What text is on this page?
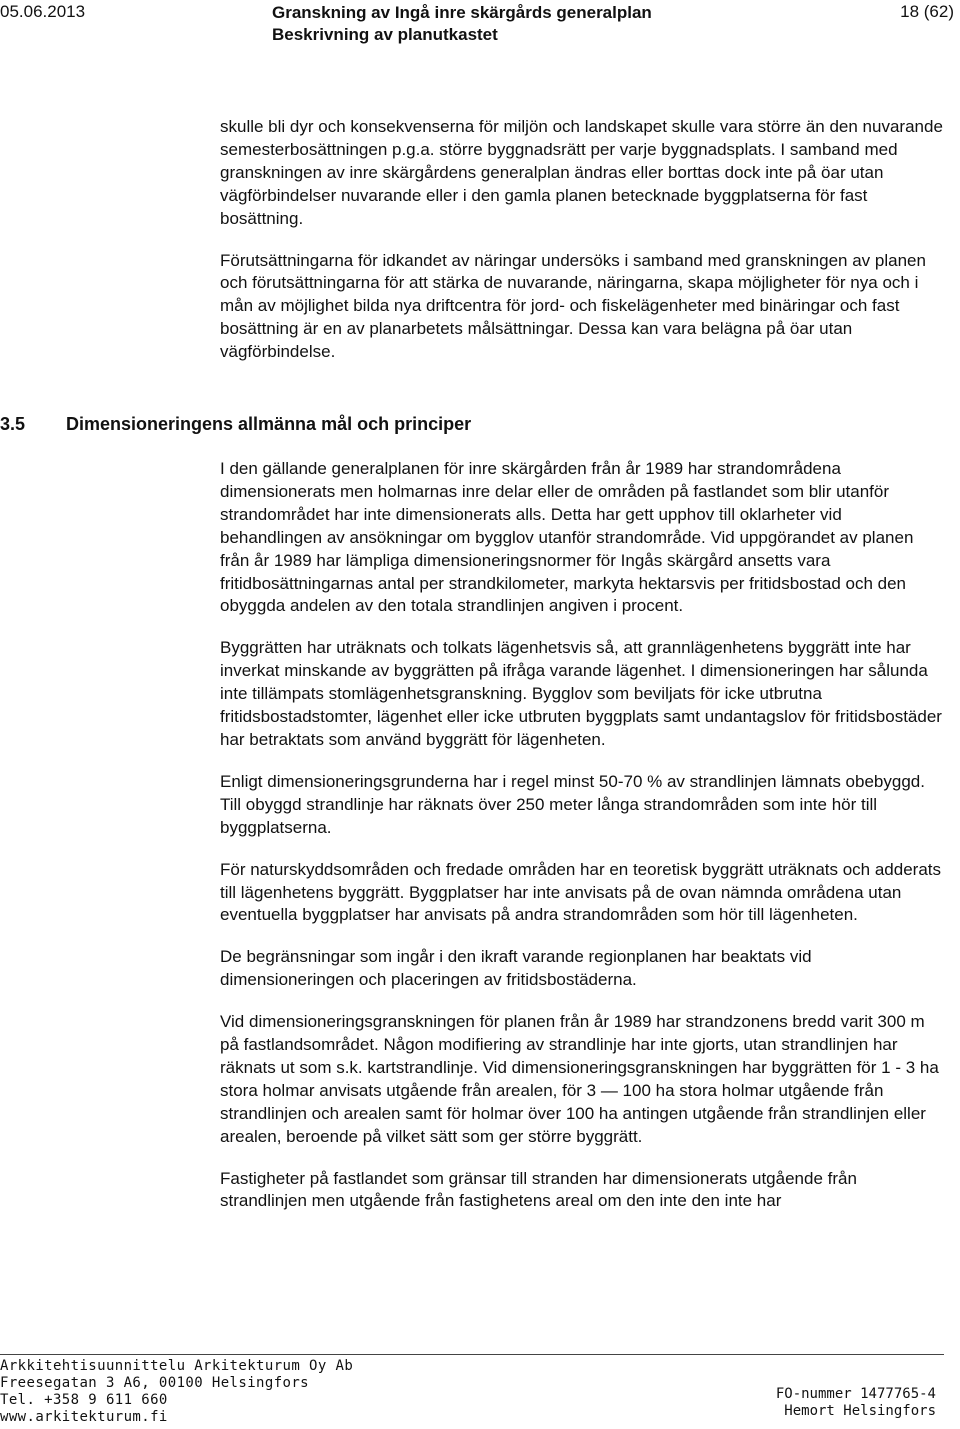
05.06.2013	Granskning av Ingå inre skärgårds generalplan
Beskrivning av planutkastet
18 (62)

skulle bli dyr och konsekvenserna för miljön och landskapet skulle vara större än den nuvarande semesterbosättningen p.g.a. större byggnadsrätt per varje byggnadsplats. I samband med granskningen av inre skärgårdens generalplan ändras eller borttas dock inte på öar utan vägförbindelser nuvarande eller i den gamla planen betecknade byggplatserna för fast bosättning.

Förutsättningarna för idkandet av näringar undersöks i samband med granskningen av planen och förutsättningarna för att stärka de nuvarande, näringarna, skapa möjligheter för nya och i mån av möjlighet bilda nya driftcentra för jord- och fiskelägenheter med binäringar och fast bosättning är en av planarbetets målsättningar. Dessa kan vara belägna på öar utan vägförbindelse.

3.5 Dimensioneringens allmänna mål och principer

I den gällande generalplanen för inre skärgården från år 1989 har strandområdena dimensionerats men holmarnas inre delar eller de områden på fastlandet som blir utanför strandområdet har inte dimensionerats alls. Detta har gett upphov till oklarheter vid behandlingen av ansökningar om bygglov utanför strandområde. Vid uppgörandet av planen från år 1989 har lämpliga dimensioneringsnormer för Ingås skärgård ansetts vara fritidbosättningarnas antal per strandkilometer, markyta hektarsvis per fritidsbostad och den obyggda andelen av den totala strandlinjen angiven i procent.

Byggrätten har uträknats och tolkats lägenhetsvis så, att grannlägenhetens byggrätt inte har inverkat minskande av byggrätten på ifråga varande lägenhet. I dimensioneringen har sålunda inte tillämpats stomlägenhetsgranskning. Bygglov som beviljats för icke utbrutna fritidsbostadstomter, lägenhet eller icke utbruten byggplats samt undantagslov för fritidsbostäder har betraktats som använd byggrätt för lägenheten.

Enligt dimensioneringsgrunderna har i regel minst 50-70 % av strandlinjen lämnats obebyggd. Till obyggd strandlinje har räknats över 250 meter långa strandområden som inte hör till byggplatserna.

För naturskyddsområden och fredade områden har en teoretisk byggrätt uträknats och adderats till lägenhetens byggrätt. Byggplatser har inte anvisats på de ovan nämnda områdena utan eventuella byggplatser har anvisats på andra strandområden som hör till lägenheten.

De begränsningar som ingår i den ikraft varande regionplanen har beaktats vid dimensioneringen och placeringen av fritidsbostäderna.

Vid dimensioneringsgranskningen för planen från år 1989 har strandzonens bredd varit 300 m på fastlandsområdet. Någon modifiering av strandlinje har inte gjorts, utan strandlinjen har räknats ut som s.k. kartstrandlinje. Vid dimensioneringsgranskningen har byggrätten för 1 - 3 ha stora holmar anvisats utgående från arealen, för 3 — 100 ha stora holmar utgående från strandlinjen och arealen samt för holmar över 100 ha antingen utgående från strandlinjen eller arealen, beroende på vilket sätt som ger större byggrätt.

Fastigheter på fastlandet som gränsar till stranden har dimensionerats utgående från strandlinjen men utgående från fastighetens areal om den inte den inte har

Arkkitehtisuunnittelu Arkitekturum Oy Ab
Freesegatan 3 A6, 00100 Helsingfors
Tel. +358 9 611 660
www.arkitekturum.fi
FO-nummer 1477765-4
Hemort Helsingfors
